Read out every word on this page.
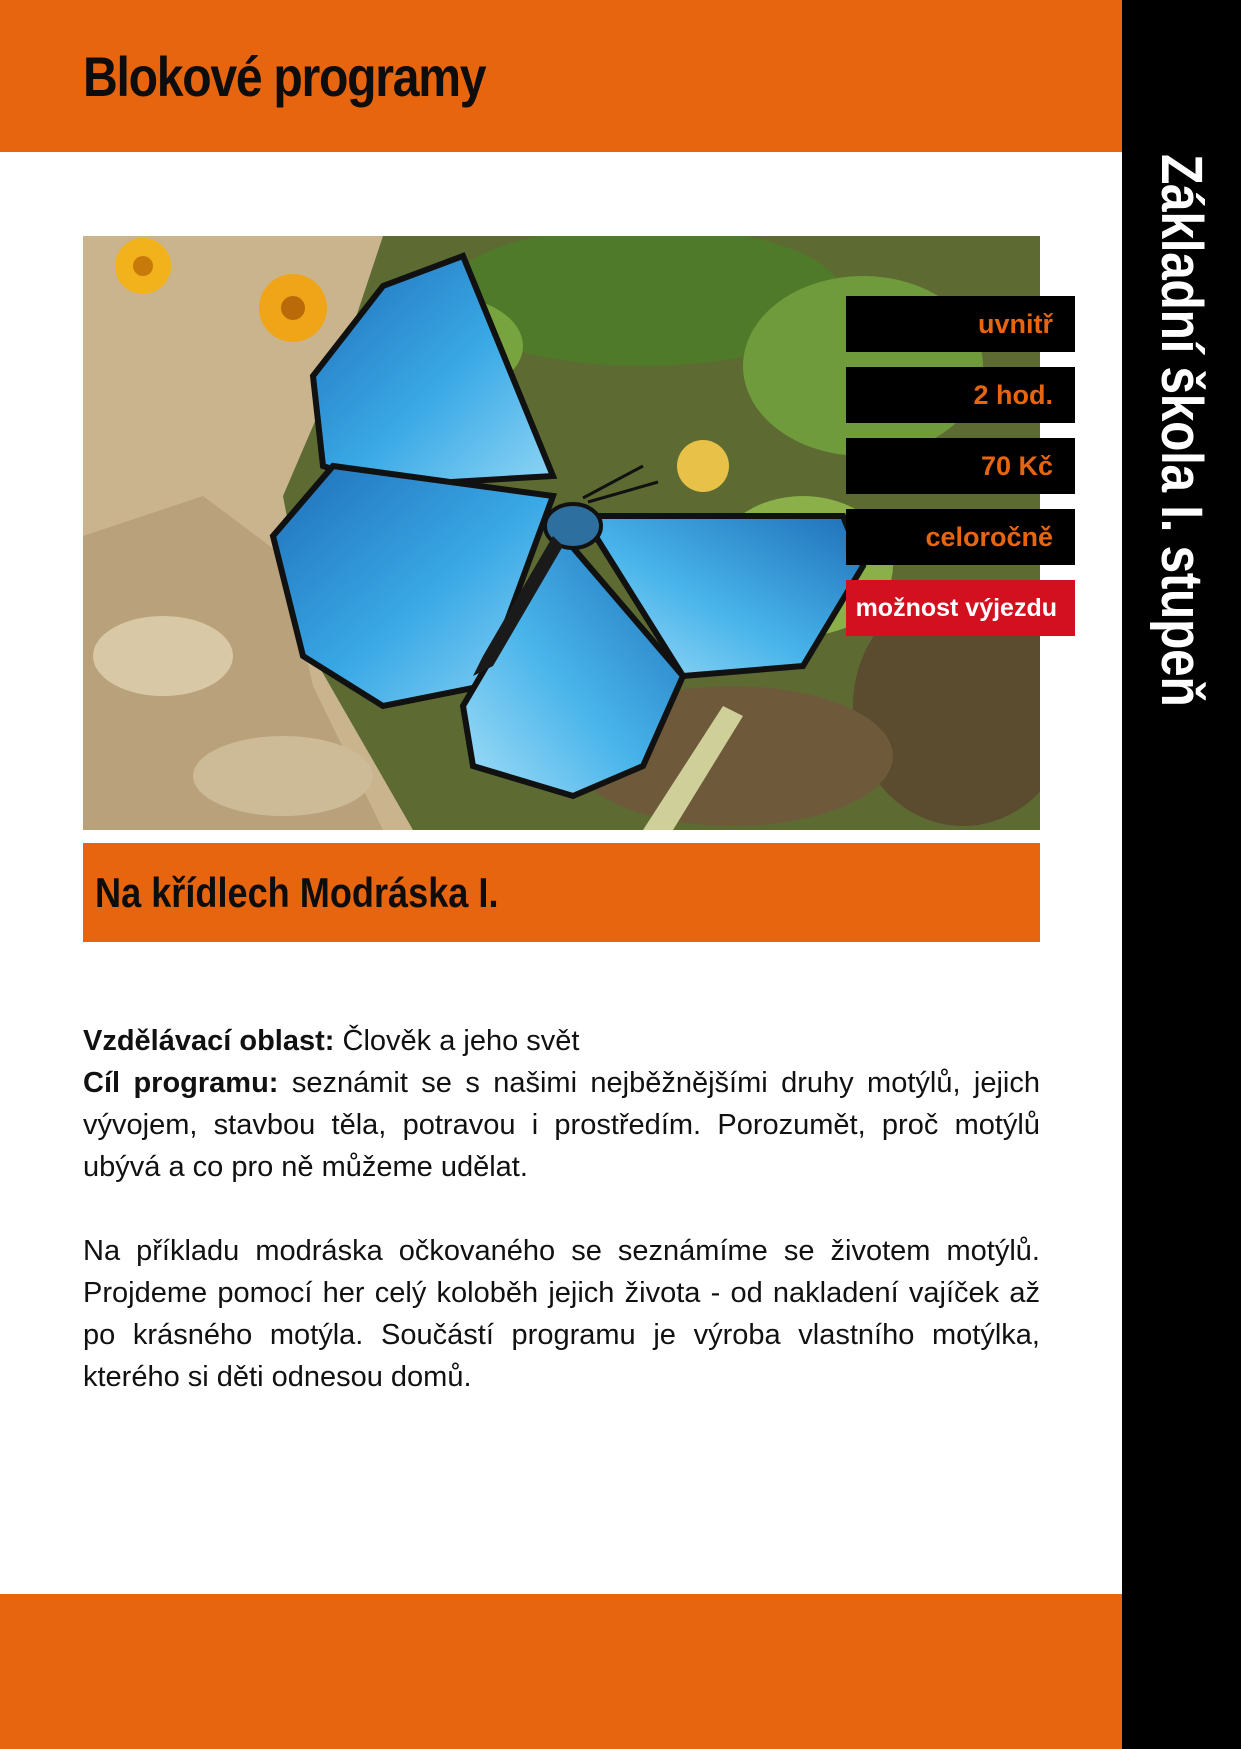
Blokové programy
Základní škola I. stupeň
uvnitř
2 hod.
70 Kč
celoročně
možnost výjezdu
Na křídlech Modráska I.

Vzdělávací oblast: Člověk a jeho svět

Cíl programu: seznámit se s našimi nejběžnějšími druhy motýlů, jejich vývojem, stavbou těla, potravou i prostředím. Porozumět, proč motýlů ubývá a co pro ně můžeme udělat.

Na příkladu modráska očkovaného se seznámíme se životem motýlů. Projdeme pomocí her celý koloběh jejich života - od nakladení vajíček až po krásného motýla. Součástí programu je výroba vlastního motýlka, kterého si děti odnesou domů.
